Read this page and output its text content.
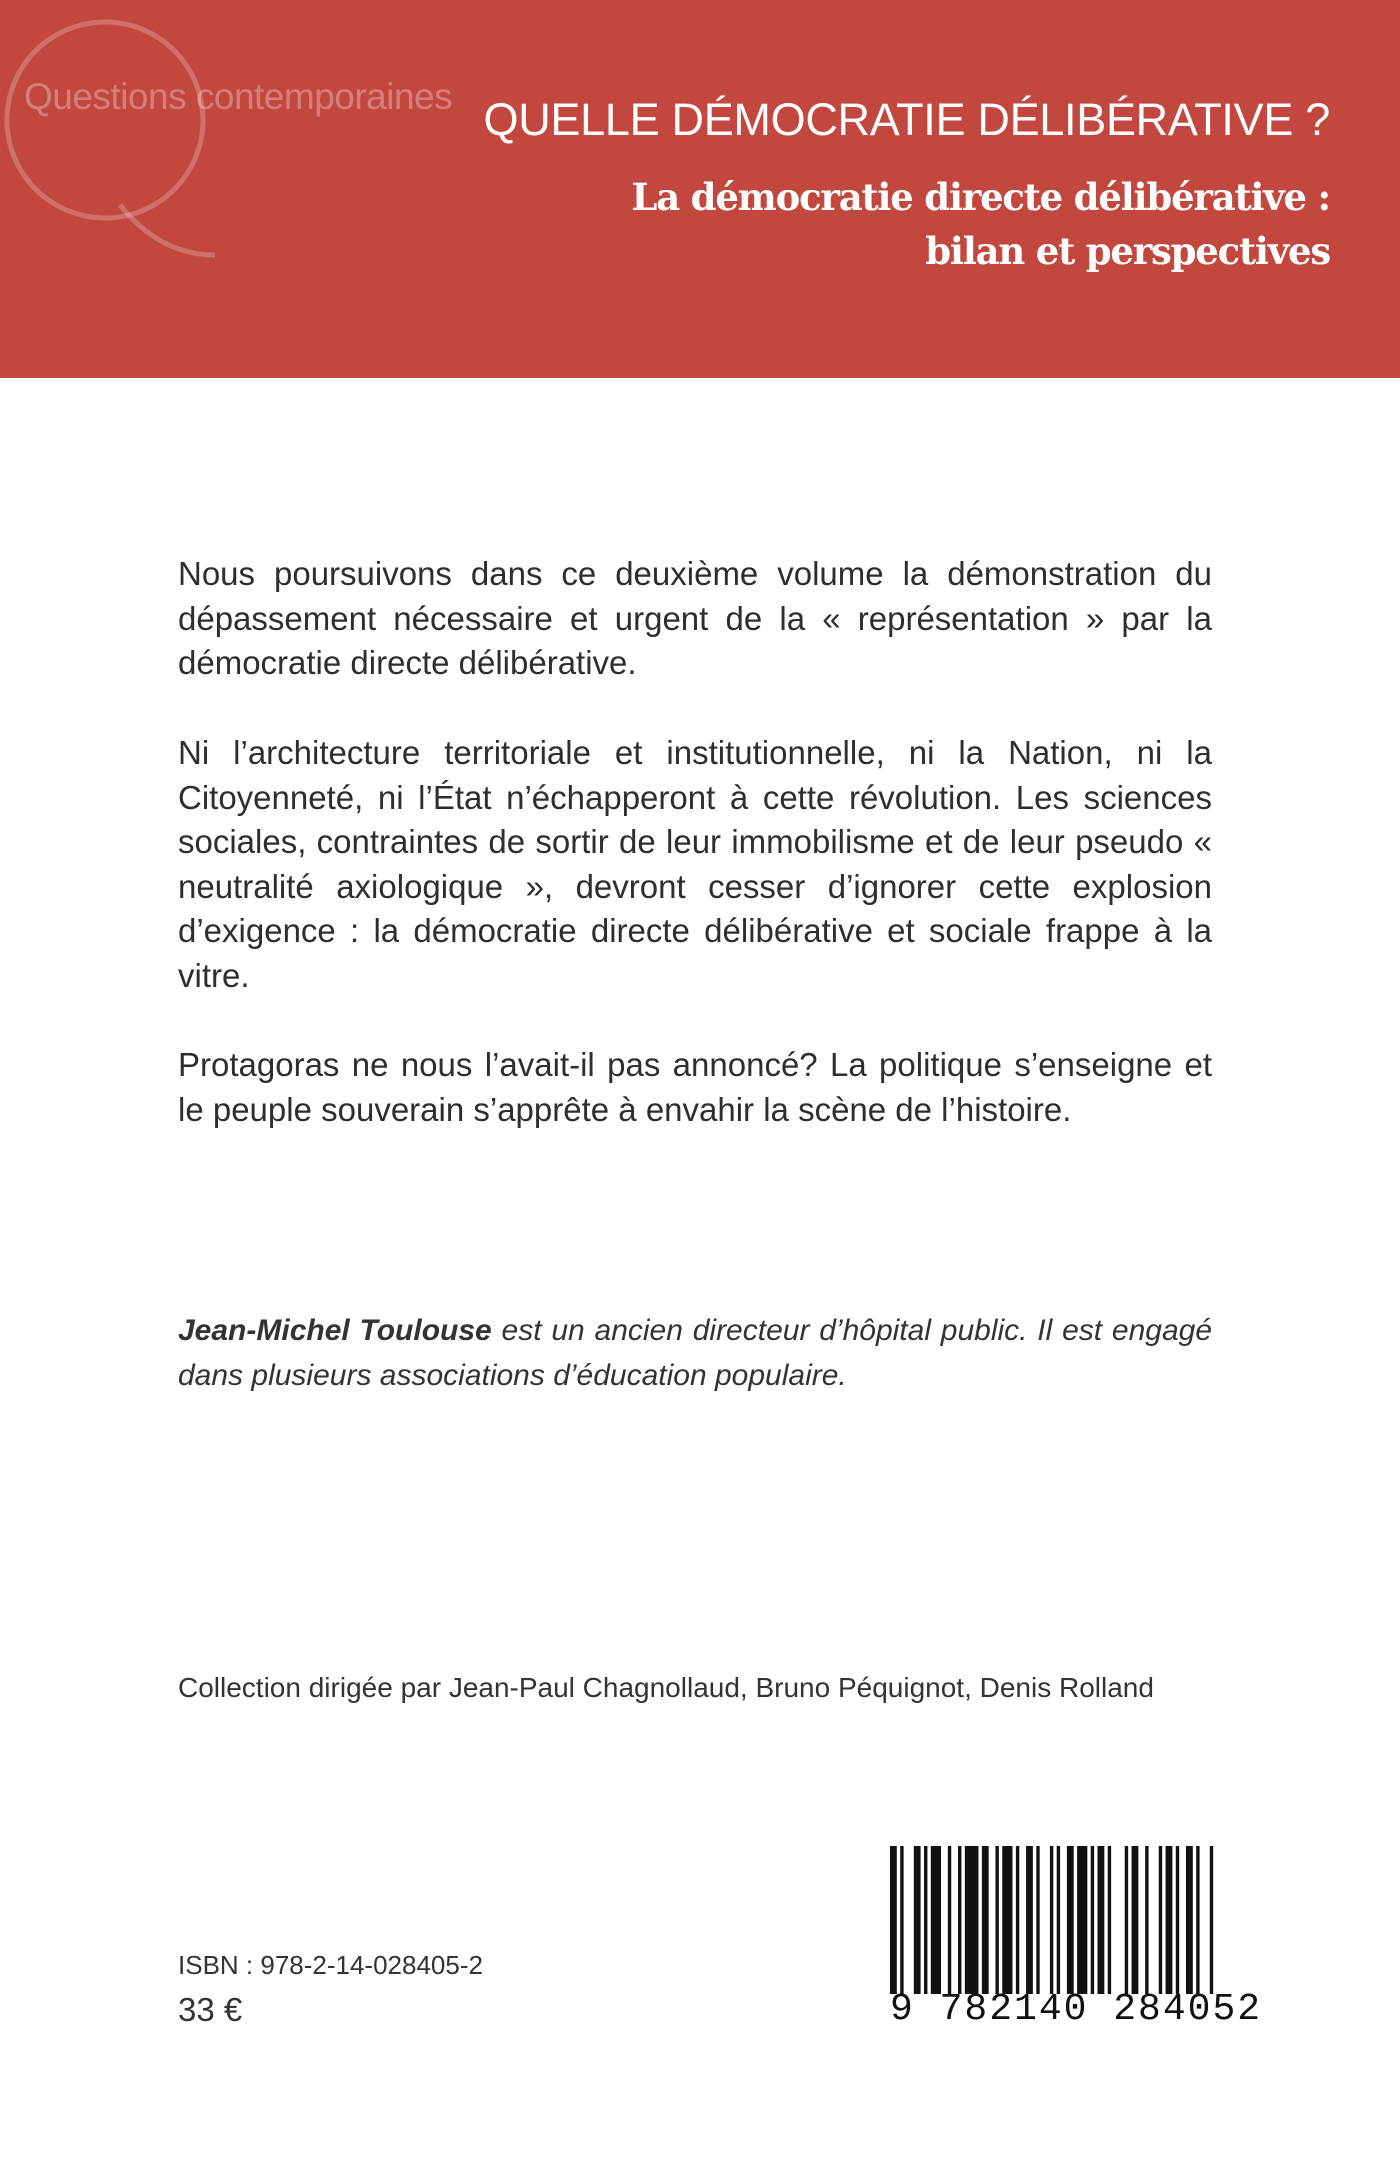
Questions contemporaines QUELLE DÉMOCRATIE DÉLIBÉRATIVE ?
La démocratie directe délibérative :
bilan et perspectives

Nous poursuivons dans ce deuxième volume la démonstration du dépassement nécessaire et urgent de la « représentation » par la démocratie directe délibérative.

Ni l’architecture territoriale et institutionnelle, ni la Nation, ni la Citoyenneté, ni l’État n’échapperont à cette révolution. Les sciences sociales, contraintes de sortir de leur immobilisme et de leur pseudo « neutralité axiologique », devront cesser d’ignorer cette explosion d’exigence : la démocratie directe délibérative et sociale frappe à la vitre.

Protagoras ne nous l’avait-il pas annoncé? La politique s’enseigne et le peuple souverain s’apprête à envahir la scène de l’histoire.

Jean-Michel Toulouse est un ancien directeur d’hôpital public. Il est engagé dans plusieurs associations d’éducation populaire.

Collection dirigée par Jean-Paul Chagnollaud, Bruno Péquignot, Denis Rolland

ISBN : 978-2-14-028405-2

33 €	9 782140 284052
